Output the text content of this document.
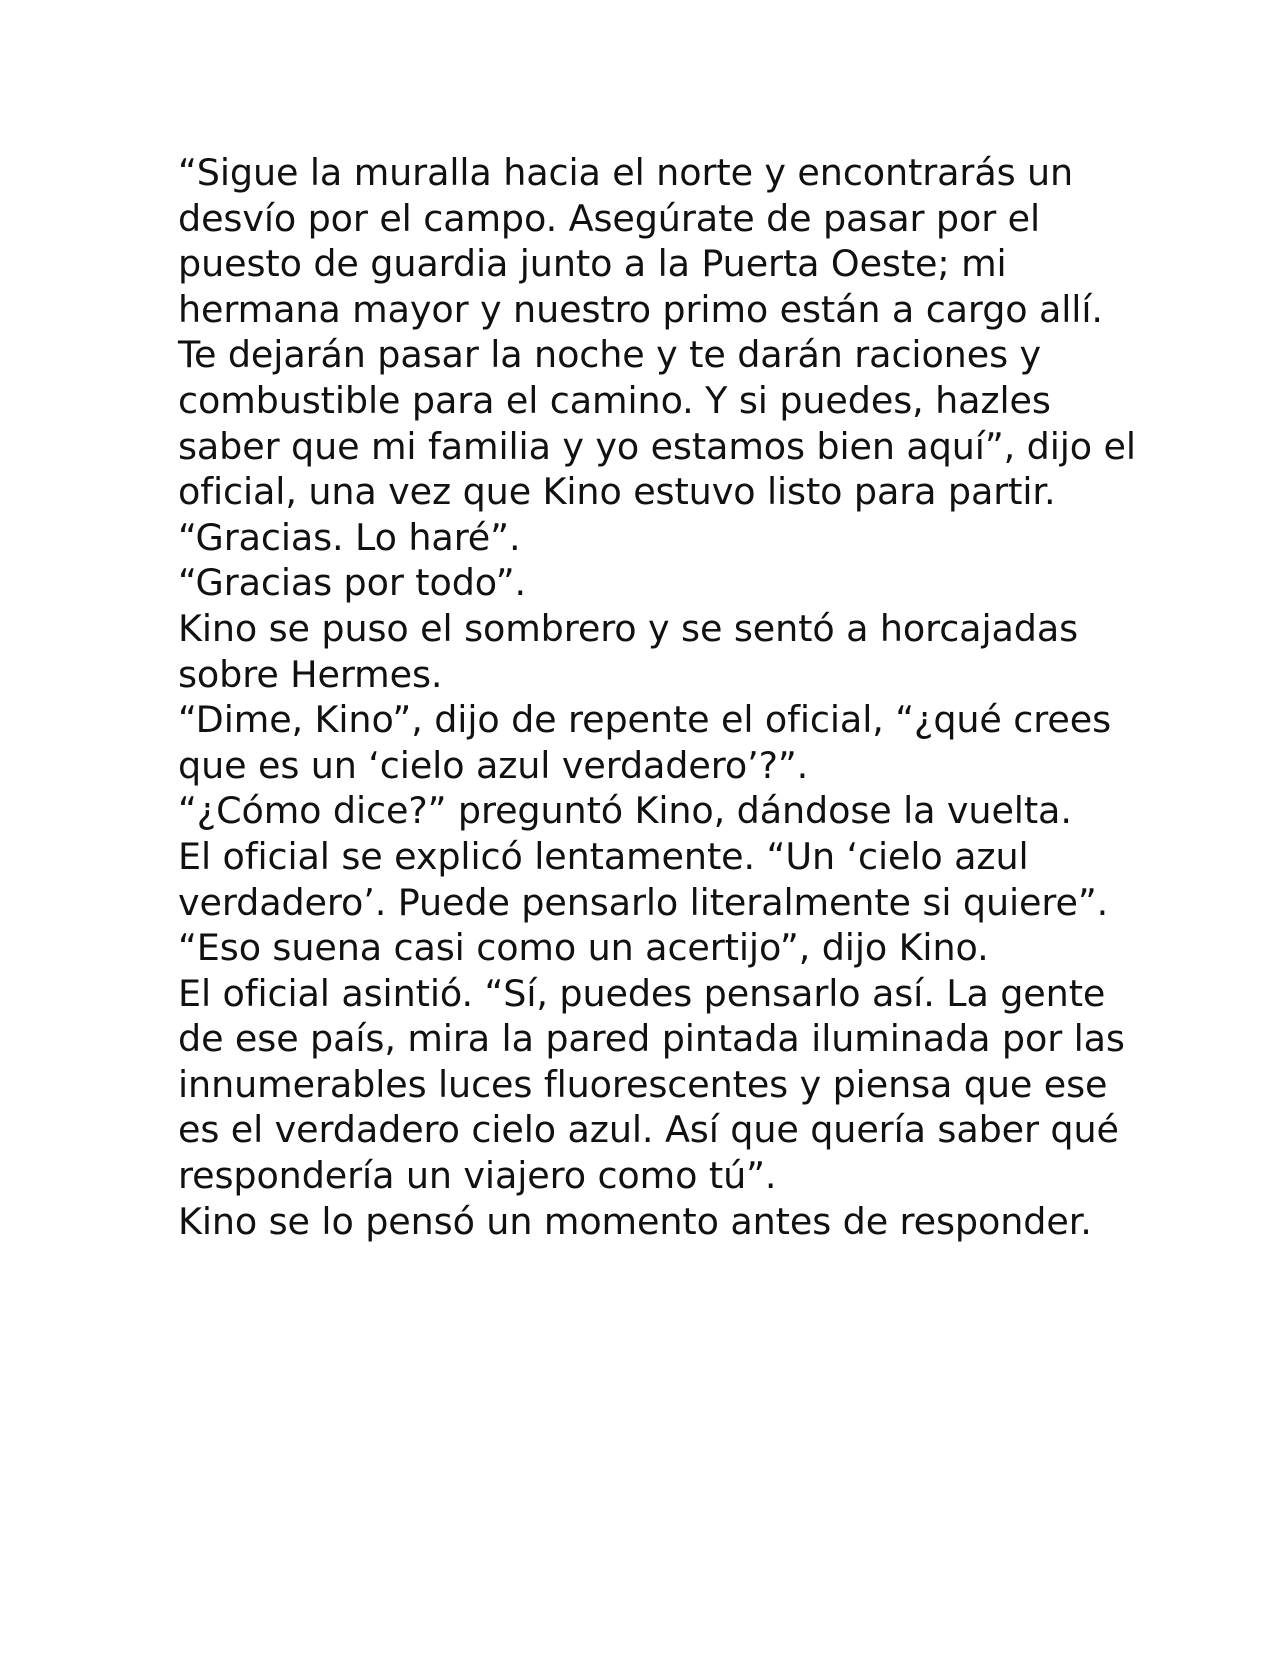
“Sigue la muralla hacia el norte y encontrarás un desvío por el campo. Asegúrate de pasar por el puesto de guardia junto a la Puerta Oeste; mi hermana mayor y nuestro primo están a cargo allí. Te dejarán pasar la noche y te darán raciones y combustible para el camino. Y si puedes, hazles saber que mi familia y yo estamos bien aquí”, dijo el oficial, una vez que Kino estuvo listo para partir.

“Gracias. Lo haré”.

“Gracias por todo”.

Kino se puso el sombrero y se sentó a horcajadas sobre Hermes.

“Dime, Kino”, dijo de repente el oficial, “¿qué crees que es un ‘cielo azul verdadero’?”.

“¿Cómo dice?” preguntó Kino, dándose la vuelta.

El oficial se explicó lentamente. “Un ‘cielo azul verdadero’. Puede pensarlo literalmente si quiere”.

“Eso suena casi como un acertijo”, dijo Kino.

El oficial asintió. “Sí, puedes pensarlo así. La gente de ese país, mira la pared pintada iluminada por las innumerables luces fluorescentes y piensa que ese es el verdadero cielo azul. Así que quería saber qué respondería un viajero como tú”.

Kino se lo pensó un momento antes de responder.
